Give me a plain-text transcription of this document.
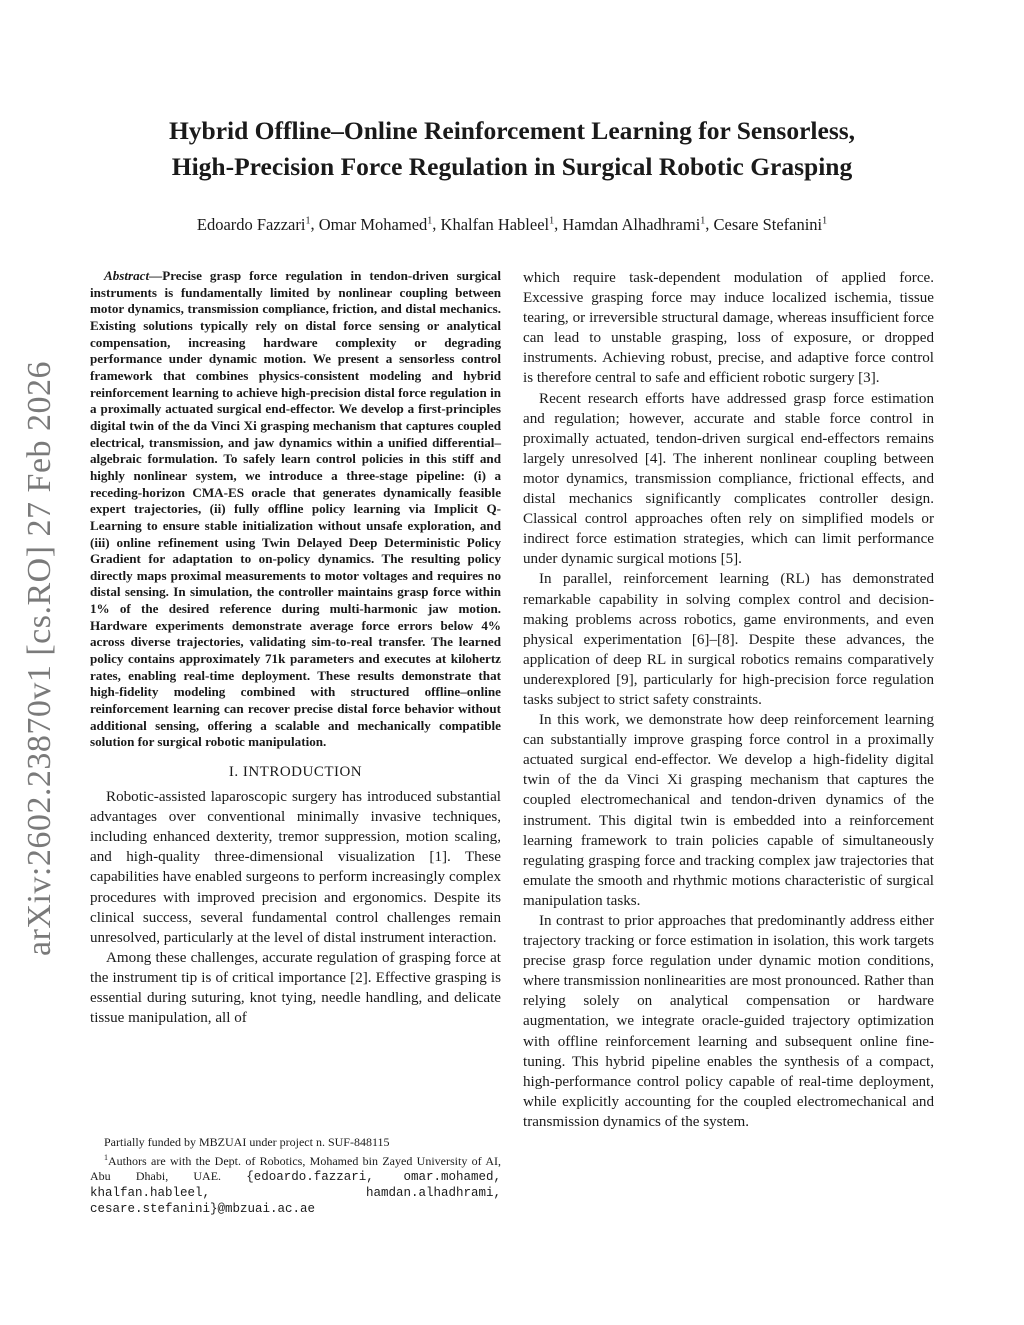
arXiv:2602.23870v1 [cs.RO] 27 Feb 2026
Hybrid Offline–Online Reinforcement Learning for Sensorless,
High-Precision Force Regulation in Surgical Robotic Grasping
Edoardo Fazzari$^1$, Omar Mohamed$^1$, Khalfan Hableel$^1$, Hamdan Alhadhrami$^1$, Cesare Stefanini$^1$

Abstract—Precise grasp force regulation in tendon-driven surgical instruments is fundamentally limited by nonlinear coupling between motor dynamics, transmission compliance, friction, and distal mechanics. Existing solutions typically rely on distal force sensing or analytical compensation, increasing hardware complexity or degrading performance under dynamic motion. We present a sensorless control framework that combines physics-consistent modeling and hybrid reinforcement learning to achieve high-precision distal force regulation in a proximally actuated surgical end-effector. We develop a first-principles digital twin of the da Vinci Xi grasping mechanism that captures coupled electrical, transmission, and jaw dynamics within a unified differential–algebraic formulation. To safely learn control policies in this stiff and highly nonlinear system, we introduce a three-stage pipeline: (i) a receding-horizon CMA-ES oracle that generates dynamically feasible expert trajectories, (ii) fully offline policy learning via Implicit Q-Learning to ensure stable initialization without unsafe exploration, and (iii) online refinement using Twin Delayed Deep Deterministic Policy Gradient for adaptation to on-policy dynamics. The resulting policy directly maps proximal measurements to motor voltages and requires no distal sensing. In simulation, the controller maintains grasp force within 1% of the desired reference during multi-harmonic jaw motion. Hardware experiments demonstrate average force errors below 4% across diverse trajectories, validating sim-to-real transfer. The learned policy contains approximately 71k parameters and executes at kilohertz rates, enabling real-time deployment. These results demonstrate that high-fidelity modeling combined with structured offline–online reinforcement learning can recover precise distal force behavior without additional sensing, offering a scalable and mechanically compatible solution for surgical robotic manipulation.

I. INTRODUCTION

Robotic-assisted laparoscopic surgery has introduced substantial advantages over conventional minimally invasive techniques, including enhanced dexterity, tremor suppression, motion scaling, and high-quality three-dimensional visualization [1]. These capabilities have enabled surgeons to perform increasingly complex procedures with improved precision and ergonomics. Despite its clinical success, several fundamental control challenges remain unresolved, particularly at the level of distal instrument interaction.

Among these challenges, accurate regulation of grasping force at the instrument tip is of critical importance [2]. Effective grasping is essential during suturing, knot tying, needle handling, and delicate tissue manipulation, all of

which require task-dependent modulation of applied force. Excessive grasping force may induce localized ischemia, tissue tearing, or irreversible structural damage, whereas insufficient force can lead to unstable grasping, loss of exposure, or dropped instruments. Achieving robust, precise, and adaptive force control is therefore central to safe and efficient robotic surgery [3].

Recent research efforts have addressed grasp force estimation and regulation; however, accurate and stable force control in proximally actuated, tendon-driven surgical end-effectors remains largely unresolved [4]. The inherent nonlinear coupling between motor dynamics, transmission compliance, frictional effects, and distal mechanics significantly complicates controller design. Classical control approaches often rely on simplified models or indirect force estimation strategies, which can limit performance under dynamic surgical motions [5].

In parallel, reinforcement learning (RL) has demonstrated remarkable capability in solving complex control and decision-making problems across robotics, game environments, and even physical experimentation [6]–[8]. Despite these advances, the application of deep RL in surgical robotics remains comparatively underexplored [9], particularly for high-precision force regulation tasks subject to strict safety constraints.

In this work, we demonstrate how deep reinforcement learning can substantially improve grasping force control in a proximally actuated surgical end-effector. We develop a high-fidelity digital twin of the da Vinci Xi grasping mechanism that captures the coupled electromechanical and tendon-driven dynamics of the instrument. This digital twin is embedded into a reinforcement learning framework to train policies capable of simultaneously regulating grasping force and tracking complex jaw trajectories that emulate the smooth and rhythmic motions characteristic of surgical manipulation tasks.

In contrast to prior approaches that predominantly address either trajectory tracking or force estimation in isolation, this work targets precise grasp force regulation under dynamic motion conditions, where transmission nonlinearities are most pronounced. Rather than relying solely on analytical compensation or hardware augmentation, we integrate oracle-guided trajectory optimization with offline reinforcement learning and subsequent online fine-tuning. This hybrid pipeline enables the synthesis of a compact, high-performance control policy capable of real-time deployment, while explicitly accounting for the coupled electromechanical and transmission dynamics of the system.

Partially funded by MBZUAI under project n. SUF-848115

$^1$Authors are with the Dept. of Robotics, Mohamed bin Zayed University of AI, Abu Dhabi, UAE. {edoardo.fazzari, omar.mohamed, khalfan.hableel, hamdan.alhadhrami, cesare.stefanini}@mbzuai.ac.ae
